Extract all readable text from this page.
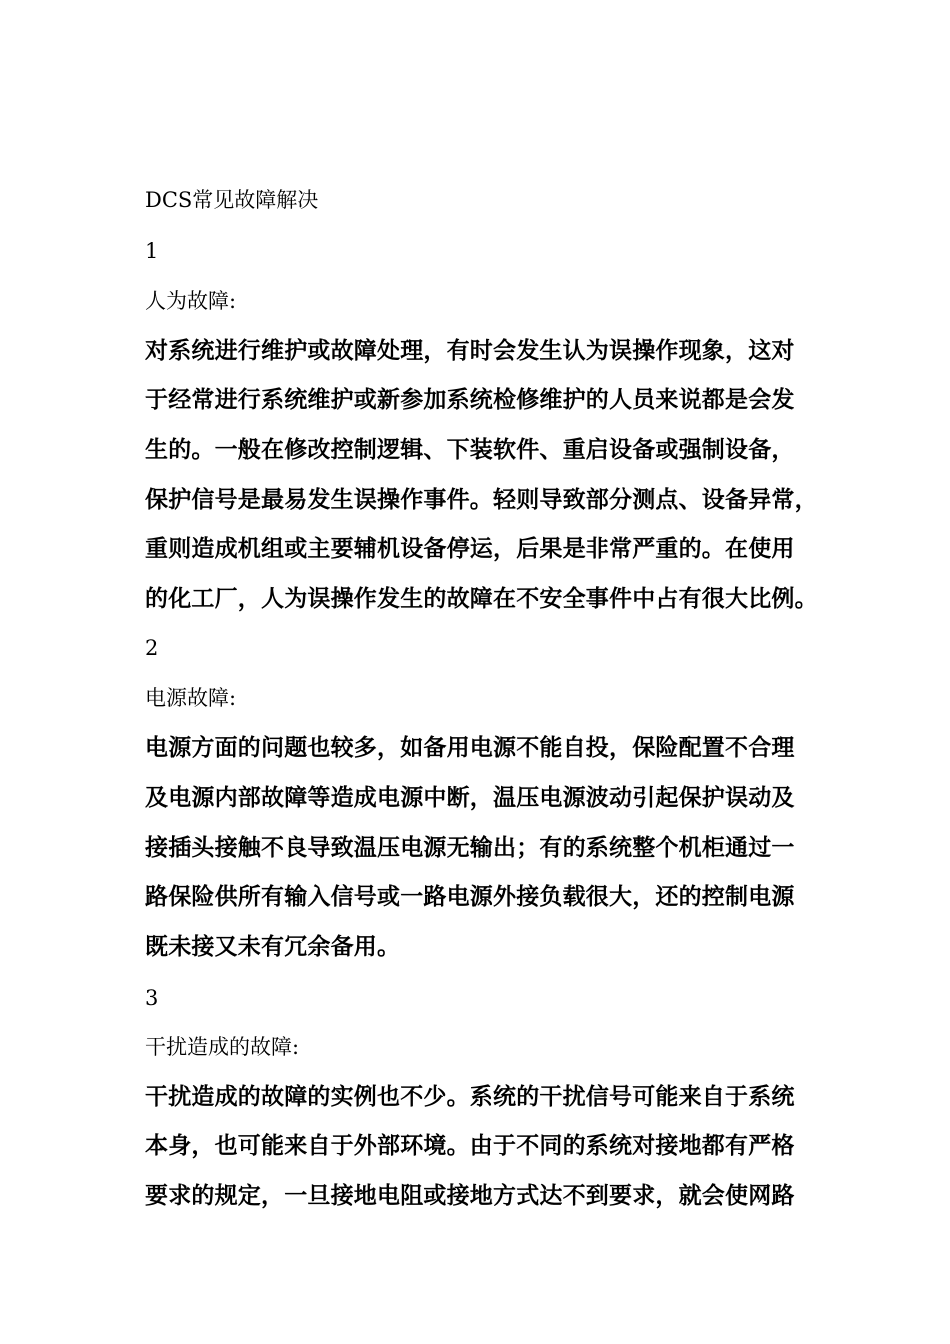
DCS常见故障解决
1
人为故障:
对系统进行维护或故障处理，有时会发生认为误操作现象，这对
于经常进行系统维护或新参加系统检修维护的人员来说都是会发
生的。一般在修改控制逻辑、下装软件、重启设备或强制设备，
保护信号是最易发生误操作事件。轻则导致部分测点、设备异常，
重则造成机组或主要辅机设备停运，后果是非常严重的。在使用
的化工厂，人为误操作发生的故障在不安全事件中占有很大比例。
2
电源故障:
电源方面的问题也较多，如备用电源不能自投，保险配置不合理
及电源内部故障等造成电源中断，温压电源波动引起保护误动及
接插头接触不良导致温压电源无输出；有的系统整个机柜通过一
路保险供所有输入信号或一路电源外接负载很大，还的控制电源
既未接又未有冗余备用。
3
干扰造成的故障:
干扰造成的故障的实例也不少。系统的干扰信号可能来自于系统
本身，也可能来自于外部环境。由于不同的系统对接地都有严格
要求的规定，一旦接地电阻或接地方式达不到要求，就会使网路
